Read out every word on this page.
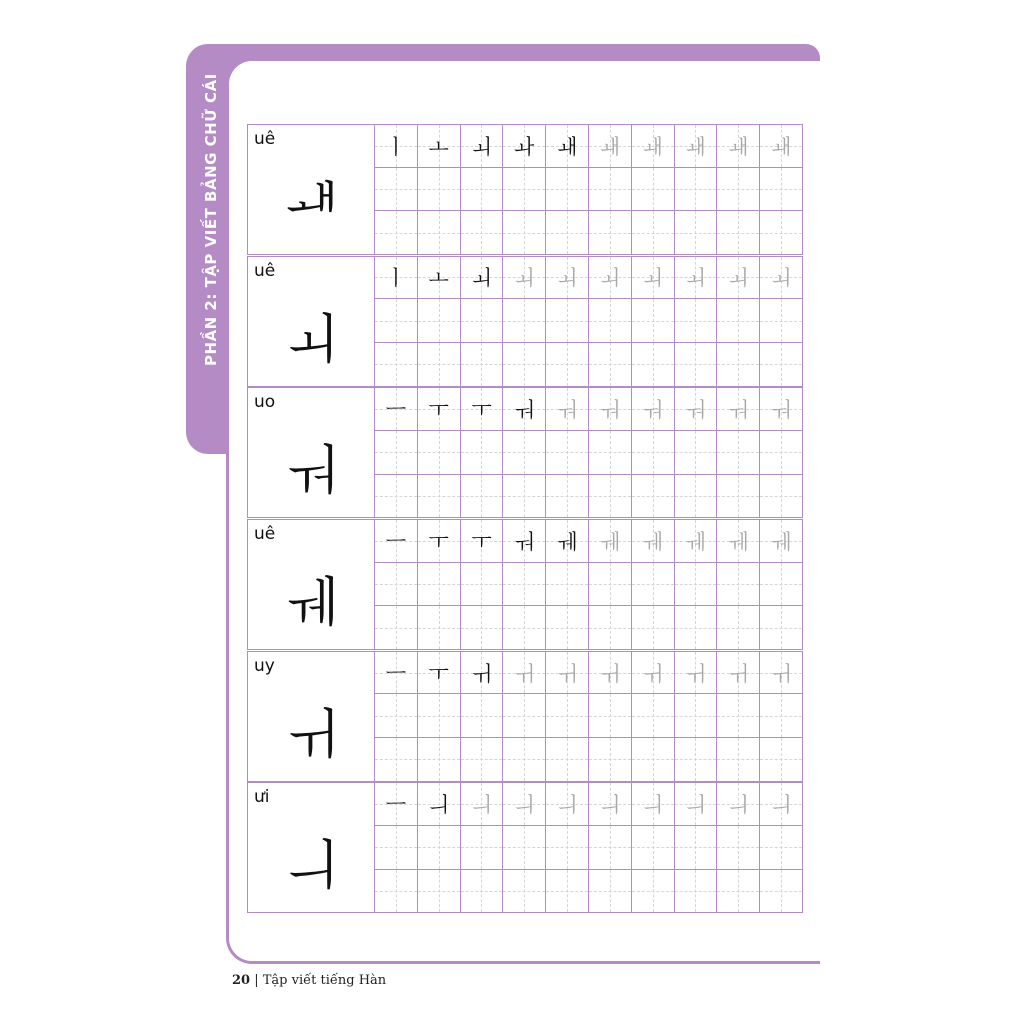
PHẦN 2: TẬP VIẾT BẢNG CHỮ CÁI uê
ᅫ
ㅣ	ㅗ	ㅚ	ㅘ	ㅙ	ㅙ	ㅙ	ㅙ	ㅙ	ㅙ
uê
ㅚ
ㅣ	ㅗ	ㅚ	ㅚ	ㅚ	ㅚ	ㅚ	ㅚ	ㅚ	ㅚ
uo
ㅝ
ㅡ	ㅜ	ㅜ	ㅝ	ㅝ	ㅝ	ㅝ	ㅝ	ㅝ	ㅝ
uê
ㅞ
ㅡ	ㅜ	ㅜ	ㅝ	ㅞ	ㅞ	ㅞ	ㅞ	ㅞ	ㅞ
uy
ㅟ
ㅡ	ㅜ	ㅟ	ㅟ	ㅟ	ㅟ	ㅟ	ㅟ	ㅟ	ㅟ
ưi
ㅢ
ㅡ	ㅢ	ㅢ	ㅢ	ㅢ	ㅢ	ㅢ	ㅢ	ㅢ	ㅢ
20 | Tập viết tiếng Hàn
